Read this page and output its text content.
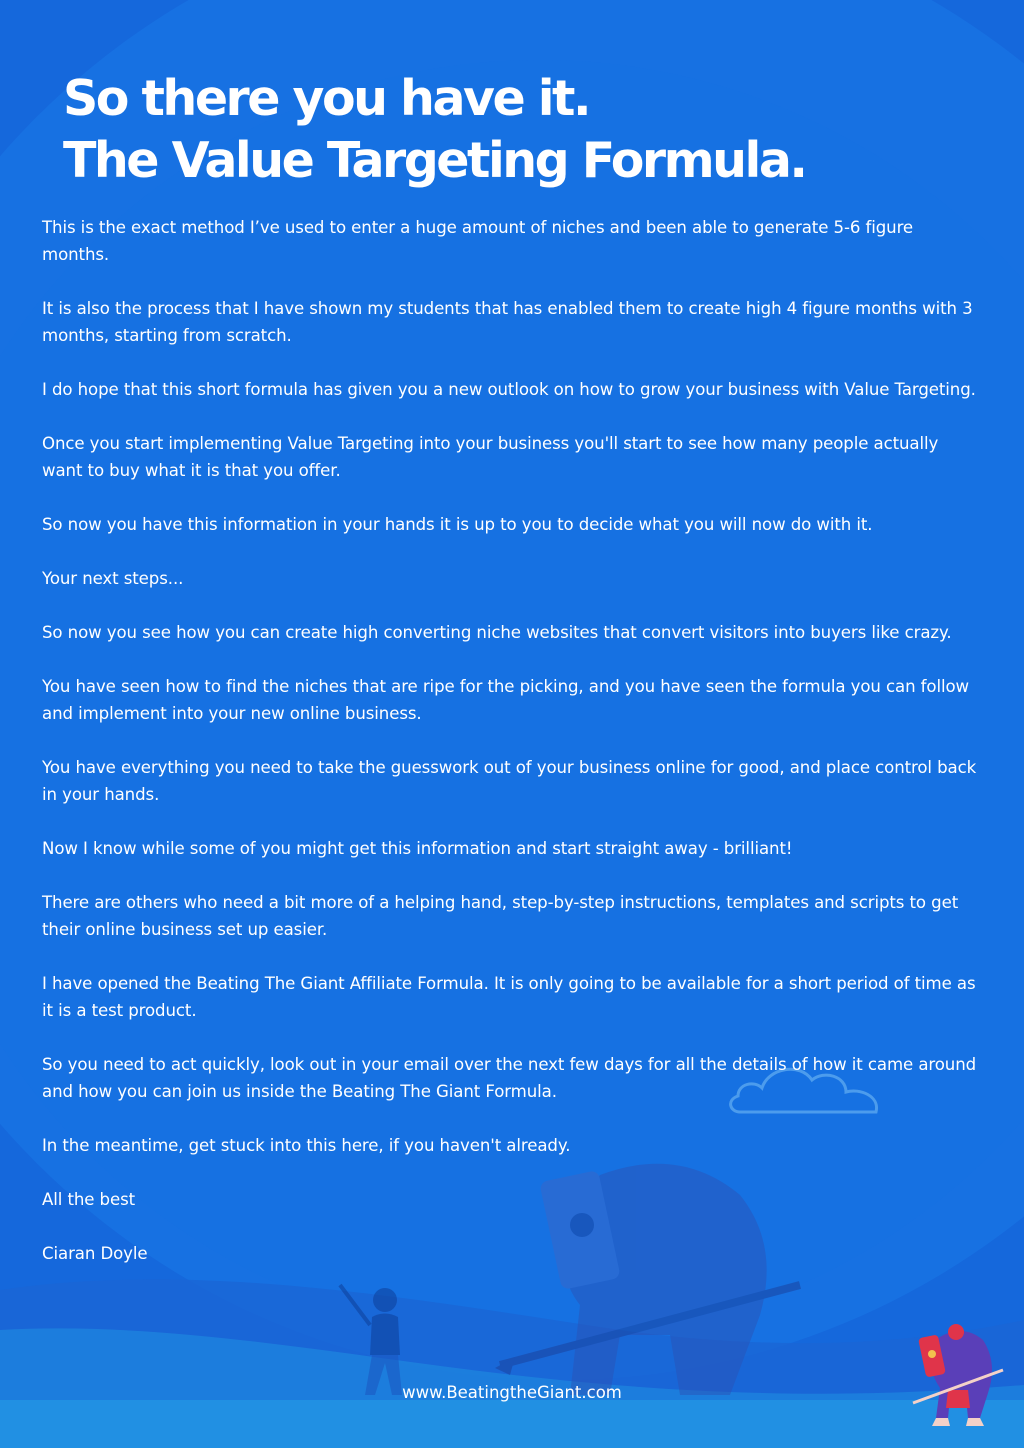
So there you have it.
The Value Targeting Formula.

This is the exact method I’ve used to enter a huge amount of niches and been able to generate 5-6 figure months.

It is also the process that I have shown my students that has enabled them to create high 4 figure months with 3 months, starting from scratch.

I do hope that this short formula has given you a new outlook on how to grow your business with Value Targeting.

Once you start implementing Value Targeting into your business you'll start to see how many people actually want to buy what it is that you offer.

So now you have this information in your hands it is up to you to decide what you will now do with it.

Your next steps...

So now you see how you can create high converting niche websites that convert visitors into buyers like crazy.

You have seen how to find the niches that are ripe for the picking, and you have seen the formula you can follow and implement into your new online business.

You have everything you need to take the guesswork out of your business online for good, and place control back in your hands.

Now I know while some of you might get this information and start straight away - brilliant!

There are others who need a bit more of a helping hand, step-by-step instructions, templates and scripts to get their online business set up easier.

I have opened the Beating The Giant Affiliate Formula. It is only going to be available for a short period of time as it is a test product.

So you need to act quickly, look out in your email over the next few days for all the details of how it came around and how you can join us inside the Beating The Giant Formula.

In the meantime, get stuck into this here, if you haven't already.

All the best

Ciaran Doyle

www.BeatingtheGiant.com
